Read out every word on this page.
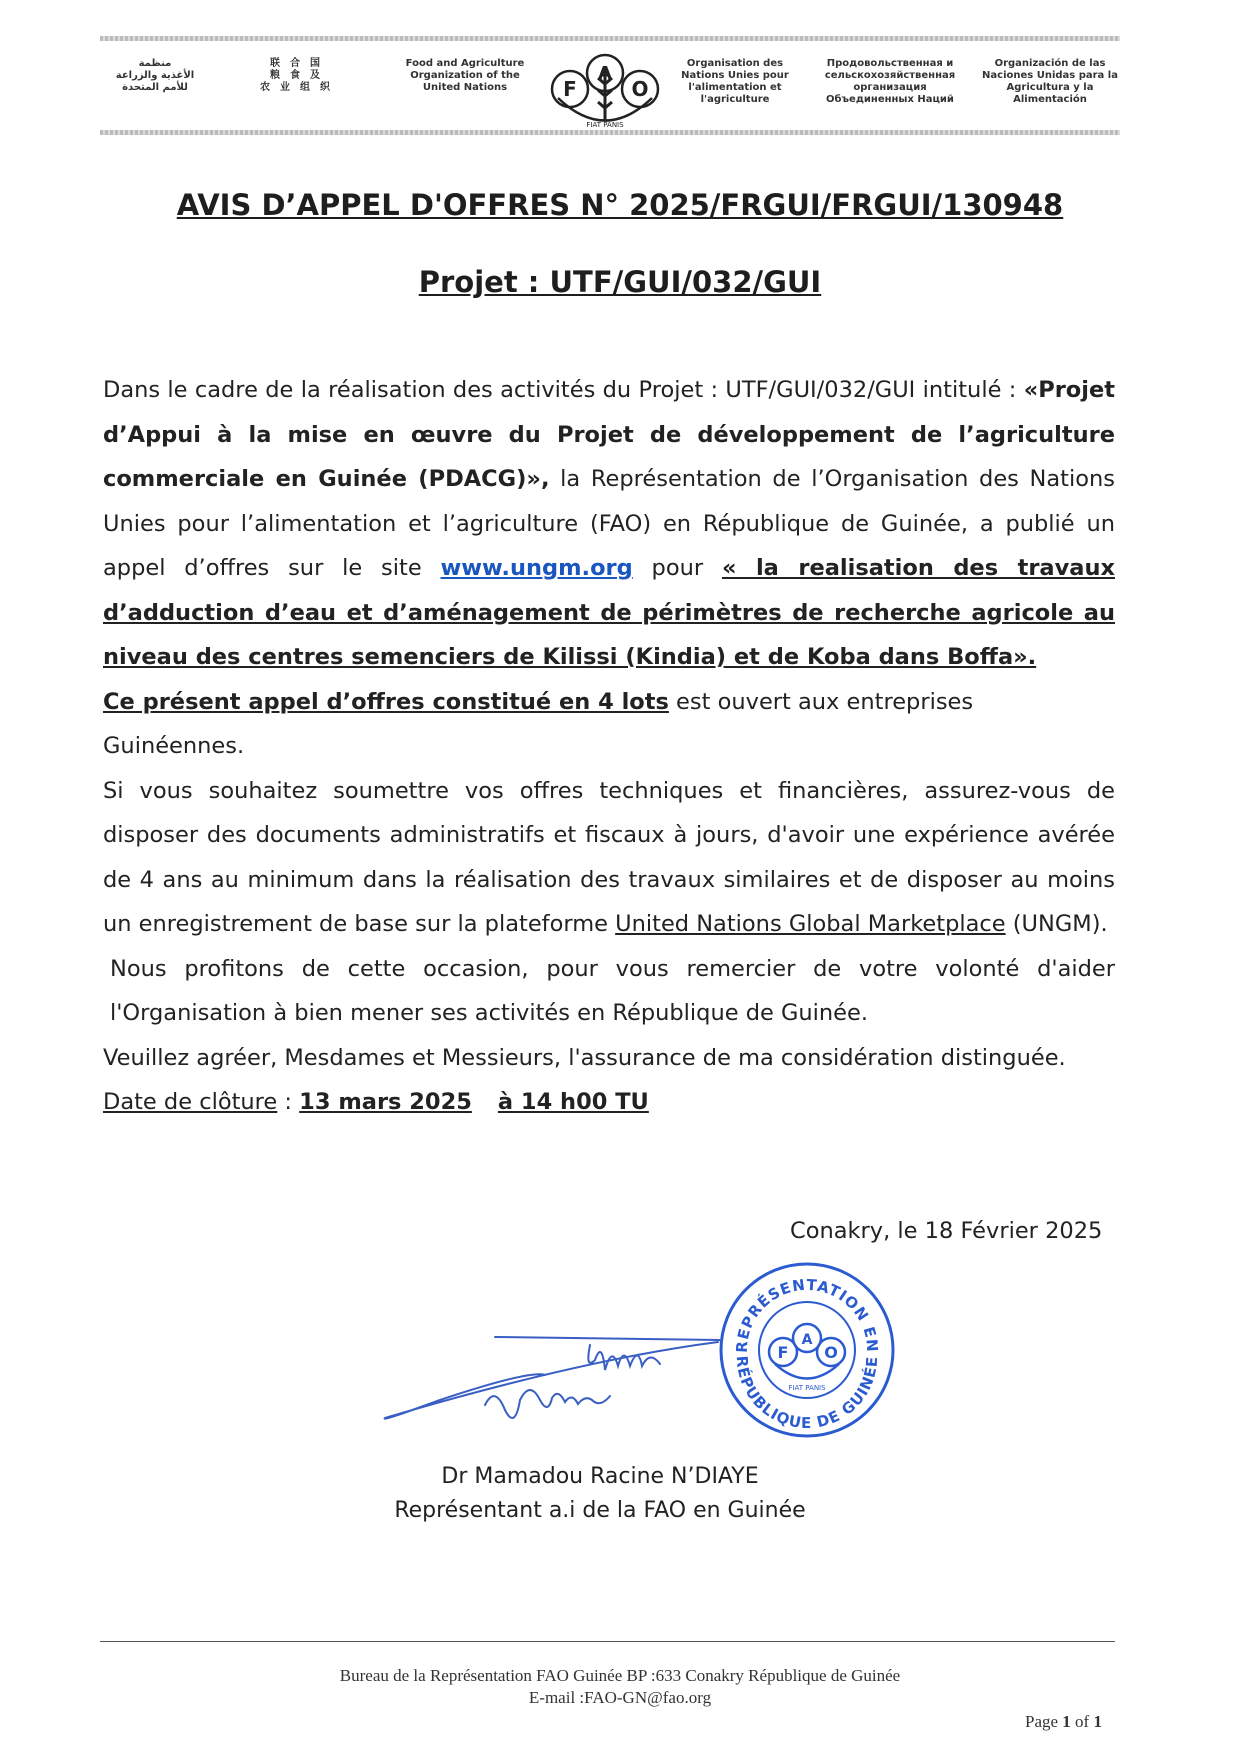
منظمة
الأغذية والزراعة
للأمم المتحدة
联合国
粮食及
农业组织
Food and Agriculture
Organization of the
United Nations	F
A
O
FIAT PANIS
Organisation des
Nations Unies pour
l'alimentation et
l'agriculture
Продовольственная и
сельскохозяйственная
организация
Объединенных Наций
Organización de las
Naciones Unidas para la
Agricultura y la
Alimentación
AVIS D’APPEL D'OFFRES N° 2025/FRGUI/FRGUI/130948
Projet : UTF/GUI/032/GUI

Dans le cadre de la réalisation des activités du Projet : UTF/GUI/032/GUI intitulé : «Projet d’Appui à la mise en œuvre du Projet de développement de l’agriculture commerciale en Guinée (PDACG)», la Représentation de l’Organisation des Nations Unies pour l’alimentation et l’agriculture (FAO) en République de Guinée, a publié un appel d’offres sur le site www.ungm.org pour « la realisation des travaux d’adduction d’eau et d’aménagement de périmètres de recherche agricole au niveau des centres semenciers de Kilissi (Kindia) et de Koba dans Boffa».

Ce présent appel d’offres constitué en 4 lots est ouvert aux entreprises Guinéennes.

Si vous souhaitez soumettre vos offres techniques et financières, assurez-vous de disposer des documents administratifs et fiscaux à jours, d'avoir une expérience avérée de 4 ans au minimum dans la réalisation des travaux similaires et de disposer au moins un enregistrement de base sur la plateforme United Nations Global Marketplace (UNGM).

Nous profitons de cette occasion, pour vous remercier de votre volonté d'aider l'Organisation à bien mener ses activités en République de Guinée.

Veuillez agréer, Mesdames et Messieurs, l'assurance de ma considération distinguée.

Date de clôture : 13 mars 2025 à 14 h00 TU

Conakry, le 18 Février 2025
REPRÉSENTATION EN
RÉPUBLIQUE DE GUINÉE
F
A
O
FIAT PANIS
Dr Mamadou Racine N’DIAYE
Représentant a.i de la FAO en Guinée
Bureau de la Représentation FAO Guinée BP :633 Conakry République de Guinée
E-mail :FAO-GN@fao.org
Page 1 of 1
